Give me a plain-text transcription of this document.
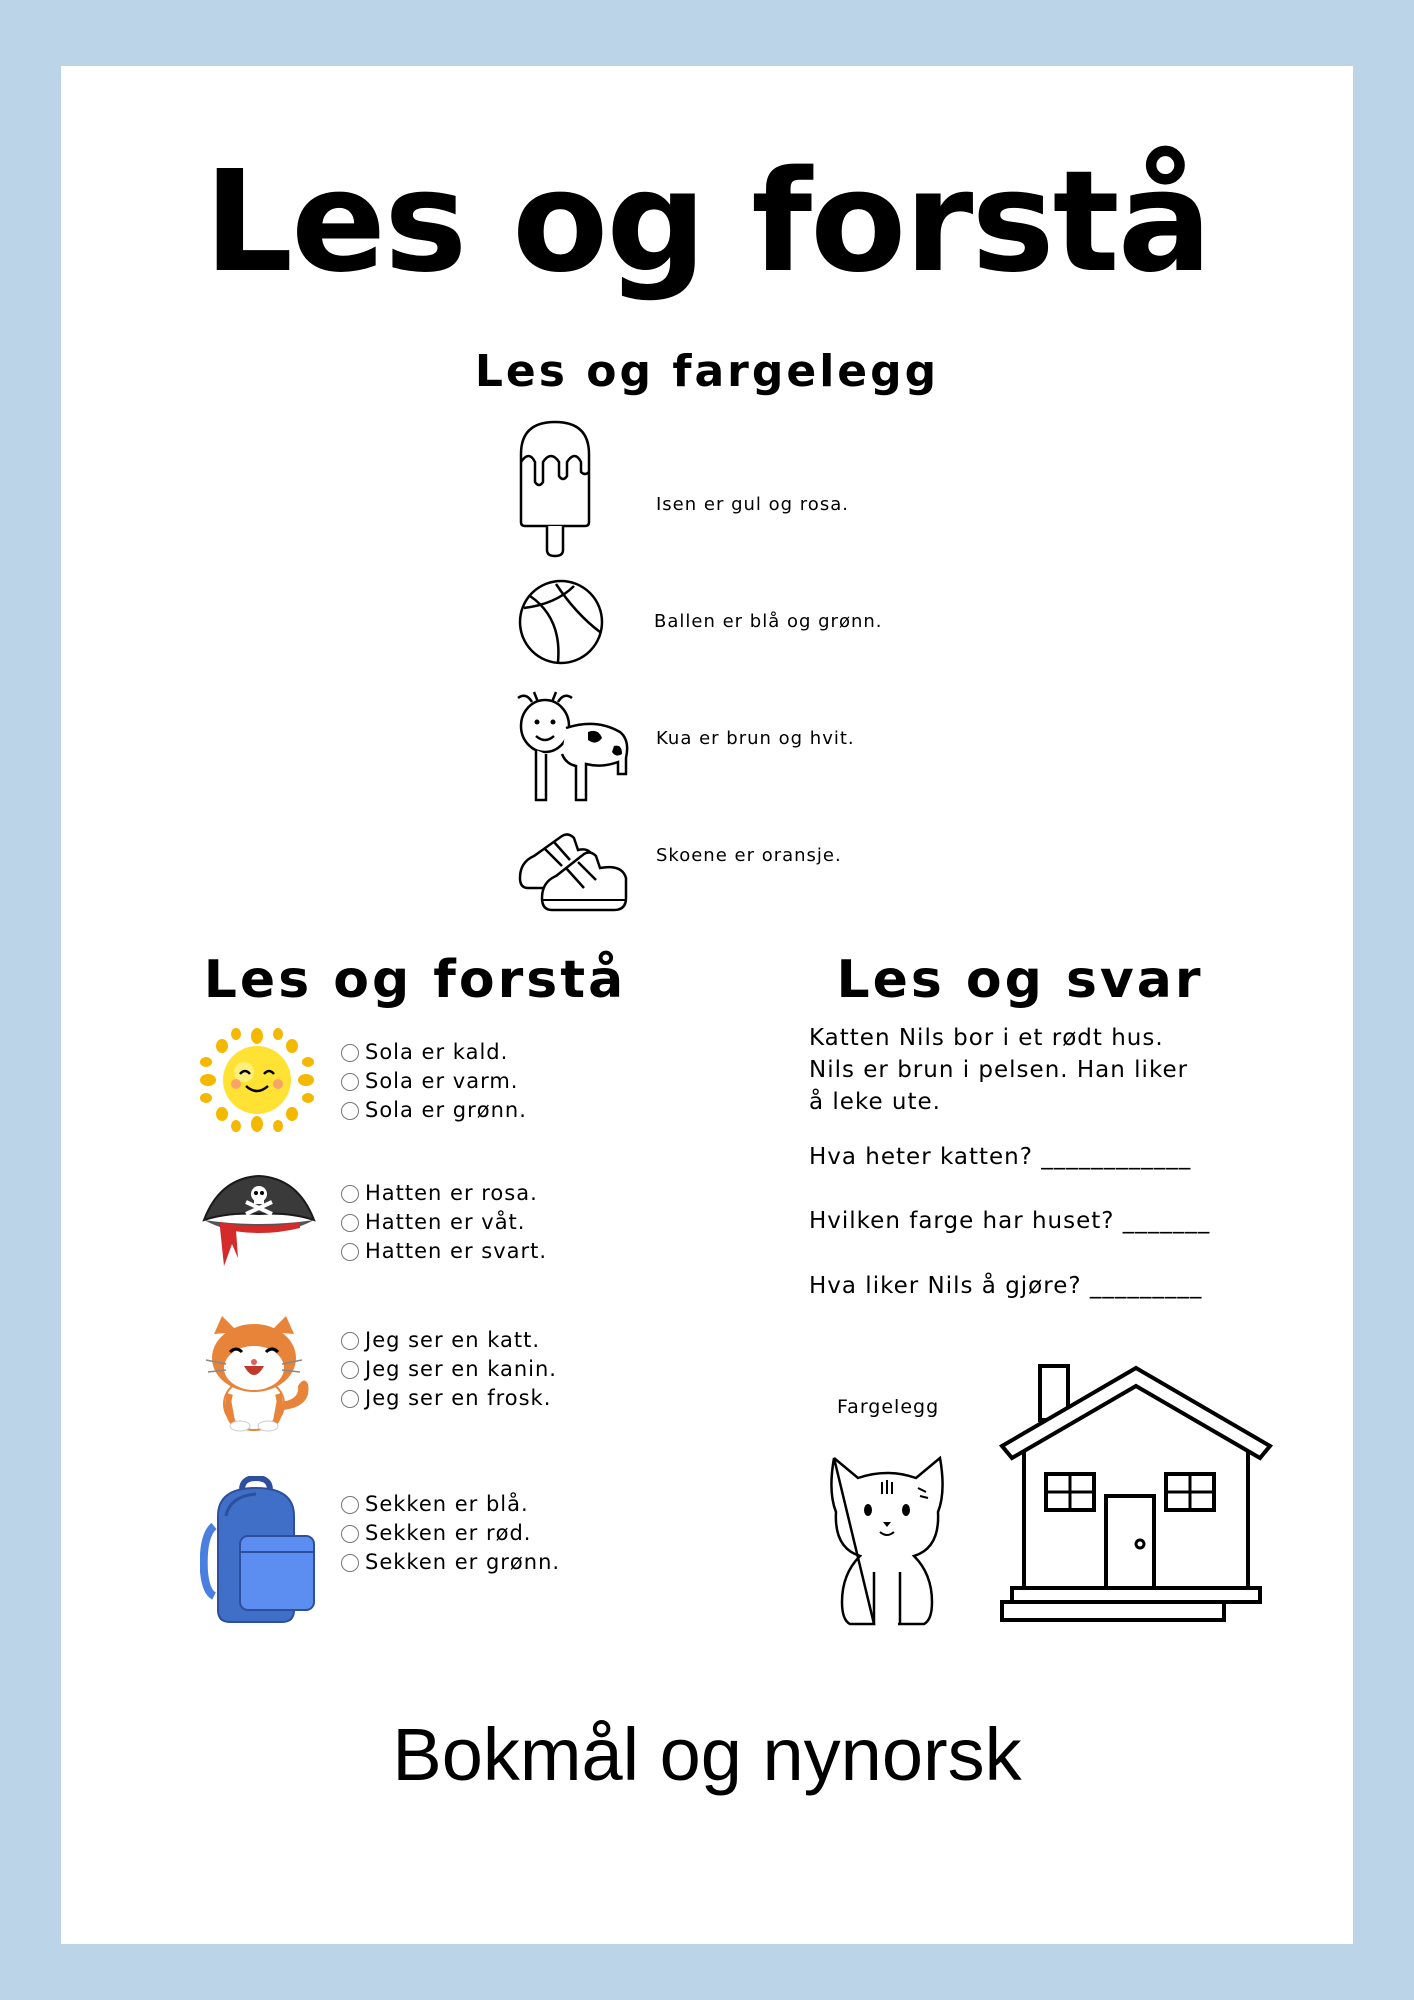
Les og forstå
Les og fargelegg
Isen er gul og rosa.
Ballen er blå og grønn.
Kua er brun og hvit.
Skoene er oransje.
Les og forstå
Sola er kald.
Sola er varm.
Sola er grønn.
Hatten er rosa.
Hatten er våt.
Hatten er svart.
Jeg ser en katt.
Jeg ser en kanin.
Jeg ser en frosk.
Sekken er blå.
Sekken er rød.
Sekken er grønn.
Les og svar
Katten Nils bor i et rødt hus.
Nils er brun i pelsen. Han liker
å leke ute.
Hva heter katten? ____________
Hvilken farge har huset? _______
Hva liker Nils å gjøre? _________
Fargelegg
Bokmål og nynorsk
